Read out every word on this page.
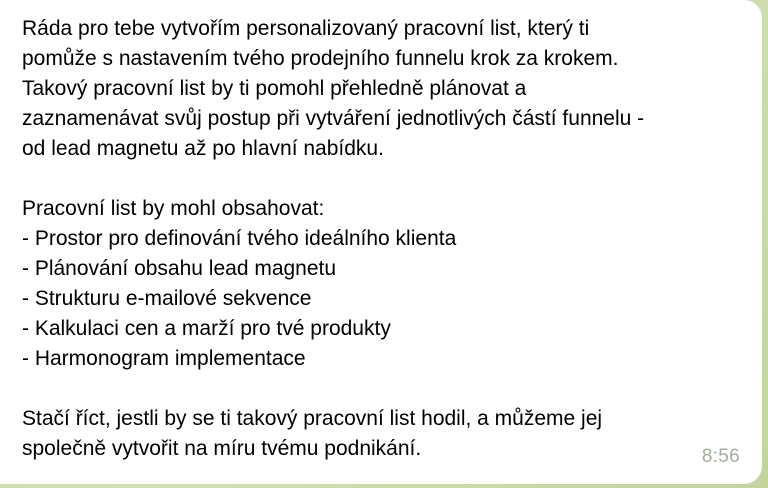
Ráda pro tebe vytvořím personalizovaný pracovní list, který ti
pomůže s nastavením tvého prodejního funnelu krok za krokem.
Takový pracovní list by ti pomohl přehledně plánovat a
zaznamenávat svůj postup při vytváření jednotlivých částí funnelu -
od lead magnetu až po hlavní nabídku.
Pracovní list by mohl obsahovat:
- Prostor pro definování tvého ideálního klienta
- Plánování obsahu lead magnetu
- Strukturu e-mailové sekvence
- Kalkulaci cen a marží pro tvé produkty
- Harmonogram implementace
Stačí říct, jestli by se ti takový pracovní list hodil, a můžeme jej
společně vytvořit na míru tvému podnikání.	8:56
